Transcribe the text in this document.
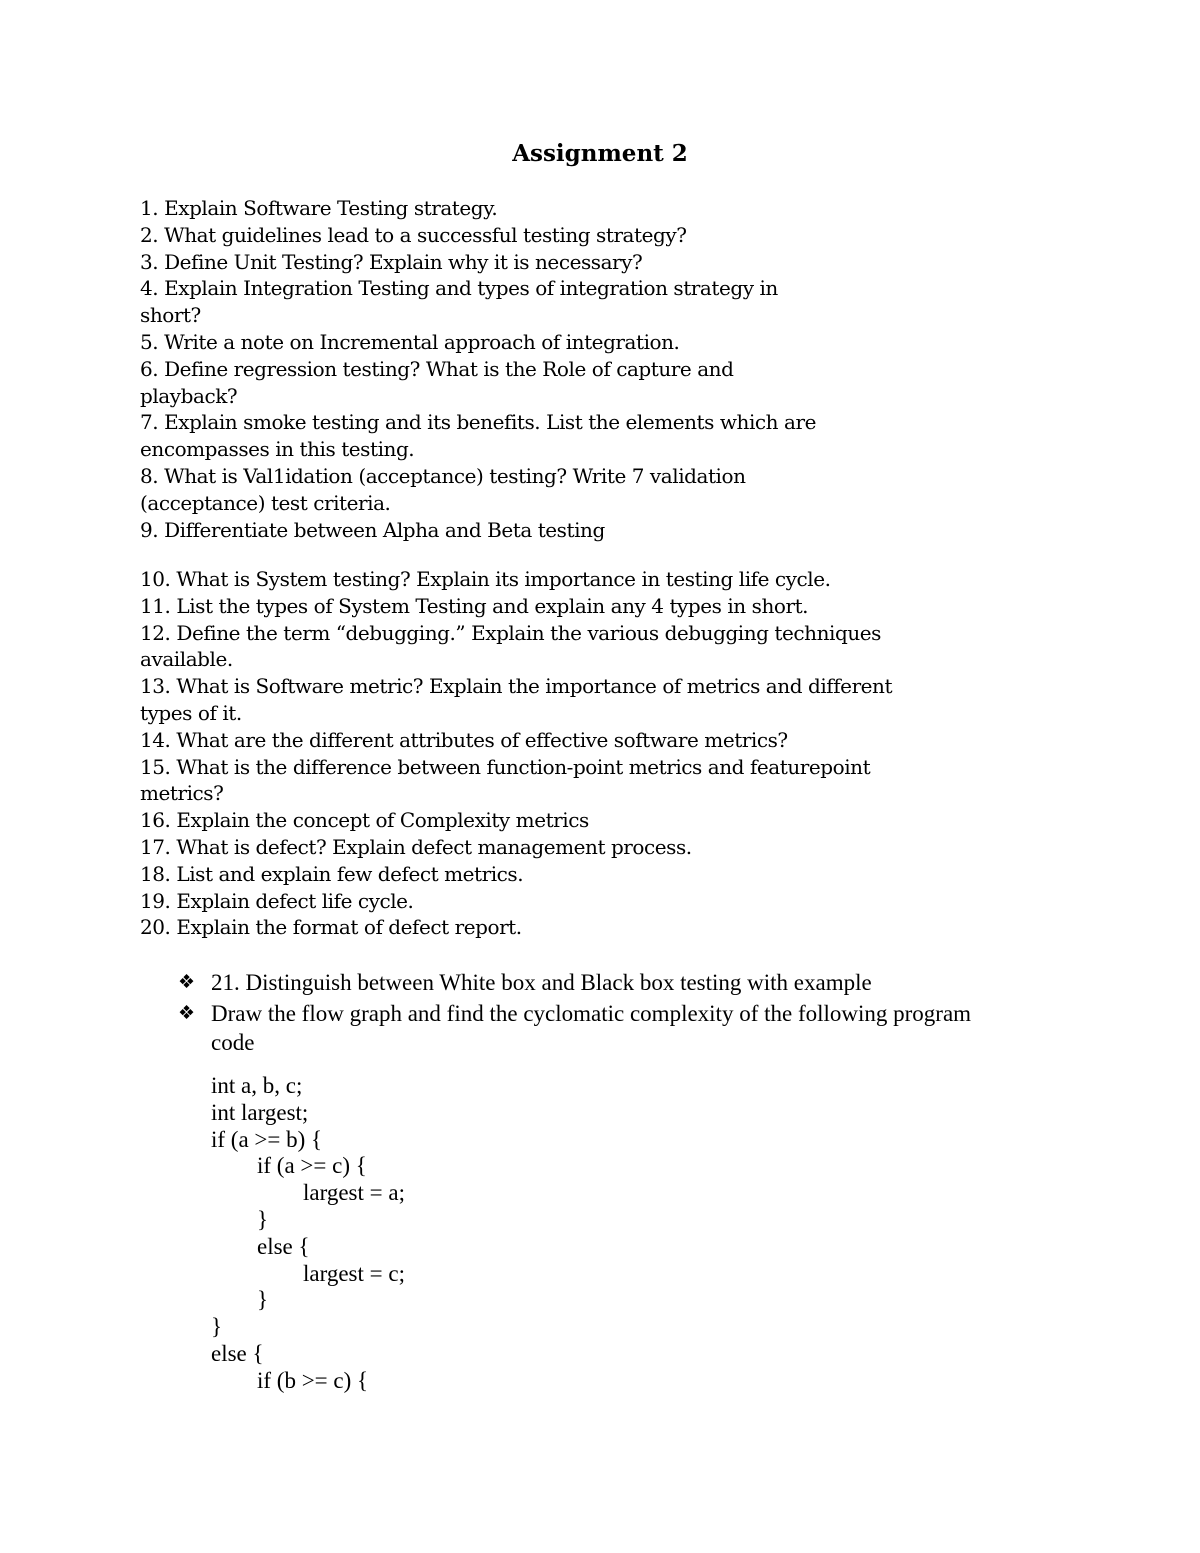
Assignment 2
1. Explain Software Testing strategy.
2. What guidelines lead to a successful testing strategy?
3. Define Unit Testing? Explain why it is necessary?
4. Explain Integration Testing and types of integration strategy in short?
5. Write a note on Incremental approach of integration.
6. Define regression testing? What is the Role of capture and playback?
7. Explain smoke testing and its benefits. List the elements which are encompasses in this testing.
8. What is Val1idation (acceptance) testing? Write 7 validation (acceptance) test criteria.
9. Differentiate between Alpha and Beta testing
10. What is System testing? Explain its importance in testing life cycle.
11. List the types of System Testing and explain any 4 types in short.
12. Define the term “debugging.” Explain the various debugging techniques available.
13. What is Software metric? Explain the importance of metrics and different types of it.
14. What are the different attributes of effective software metrics?
15. What is the difference between function-point metrics and featurepoint metrics?
16. Explain the concept of Complexity metrics
17. What is defect? Explain defect management process.
18. List and explain few defect metrics.
19. Explain defect life cycle.
20. Explain the format of defect report.
❖ 21. Distinguish between White box and Black box testing with example
❖ Draw the flow graph and find the cyclomatic complexity of the following program code
int a, b, c;
int largest;
if (a >= b) {
if (a >= c) {
largest = a;
}
else {
largest = c;
}
}
else {
if (b >= c) {
